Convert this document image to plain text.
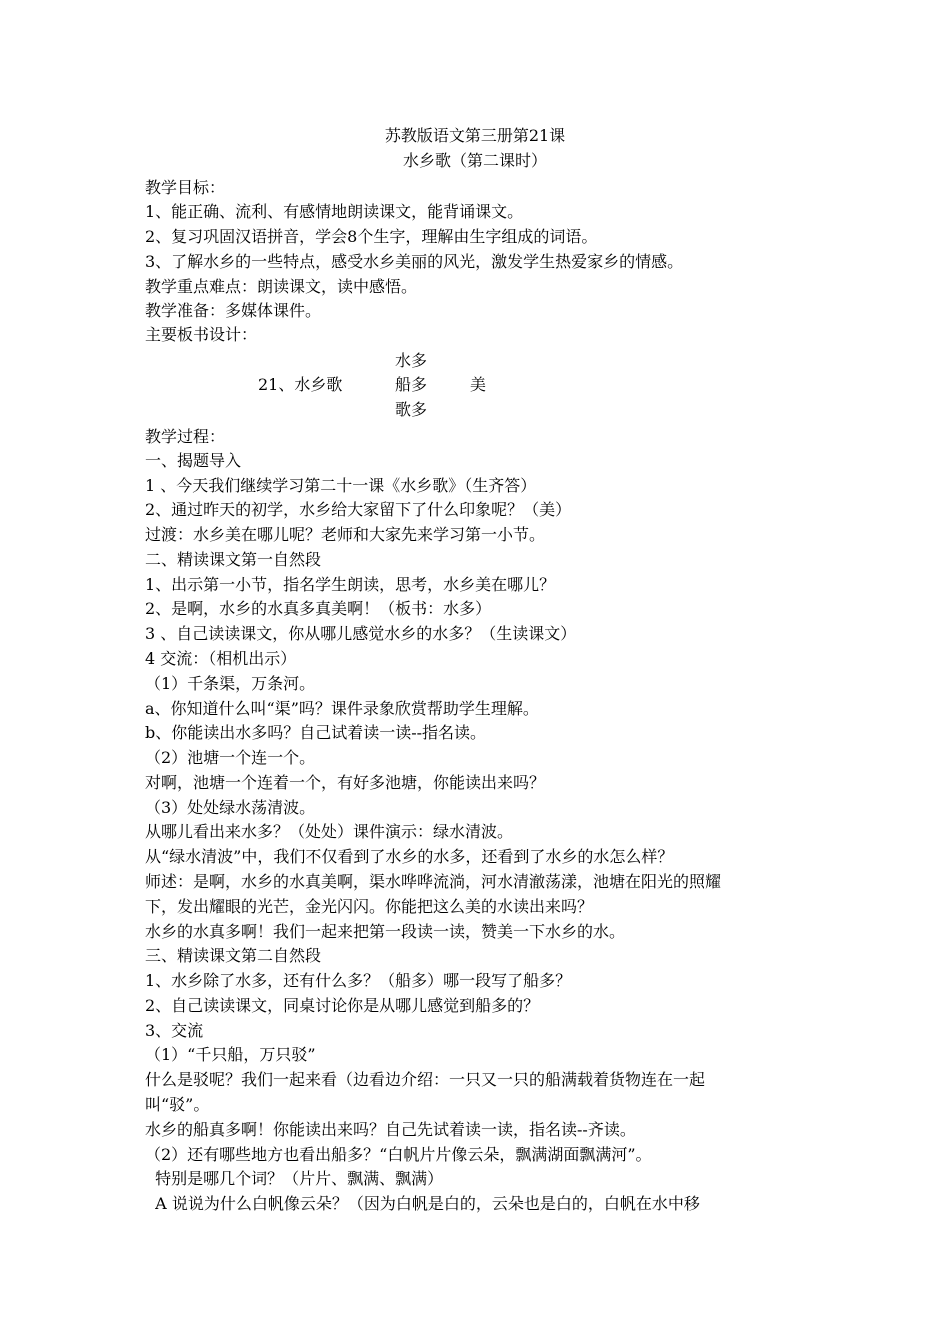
苏教版语文第三册第21课
水乡歌（第二课时）
教学目标：
1、能正确、流利、有感情地朗读课文，能背诵课文。
2、复习巩固汉语拼音，学会8个生字，理解由生字组成的词语。
3、了解水乡的一些特点，感受水乡美丽的风光，激发学生热爱家乡的情感。
教学重点难点：朗读课文，读中感悟。
教学准备：多媒体课件。
主要板书设计：
水多
21、水乡歌	船多	美
歌多
教学过程：
一、揭题导入
1 、今天我们继续学习第二十一课《水乡歌》（生齐答）
2、通过昨天的初学，水乡给大家留下了什么印象呢？（美）
过渡：水乡美在哪儿呢？老师和大家先来学习第一小节。
二、精读课文第一自然段
1、出示第一小节，指名学生朗读，思考，水乡美在哪儿？
2、是啊，水乡的水真多真美啊！（板书：水多）
3 、自己读读课文，你从哪儿感觉水乡的水多？（生读课文）
4 交流：（相机出示）
（1）千条渠，万条河。
a、你知道什么叫“渠”吗？课件录象欣赏帮助学生理解。
b、你能读出水多吗？自己试着读一读--指名读。
（2）池塘一个连一个。
对啊，池塘一个连着一个，有好多池塘，你能读出来吗？
（3）处处绿水荡清波。
从哪儿看出来水多？（处处）课件演示：绿水清波。
从“绿水清波”中，我们不仅看到了水乡的水多，还看到了水乡的水怎么样？
师述：是啊，水乡的水真美啊，渠水哗哗流淌，河水清澈荡漾，池塘在阳光的照耀
下，发出耀眼的光芒，金光闪闪。你能把这么美的水读出来吗？
水乡的水真多啊！我们一起来把第一段读一读，赞美一下水乡的水。
三、精读课文第二自然段
1、水乡除了水多，还有什么多？（船多）哪一段写了船多？
2、自己读读课文，同桌讨论你是从哪儿感觉到船多的？
3、交流
（1）“千只船，万只驳”
什么是驳呢？我们一起来看（边看边介绍：一只又一只的船满载着货物连在一起
叫“驳”。
水乡的船真多啊！你能读出来吗？自己先试着读一读，指名读--齐读。
（2）还有哪些地方也看出船多？“白帆片片像云朵，飘满湖面飘满河”。
特别是哪几个词？（片片、飘满、飘满）
A 说说为什么白帆像云朵？（因为白帆是白的，云朵也是白的，白帆在水中移
